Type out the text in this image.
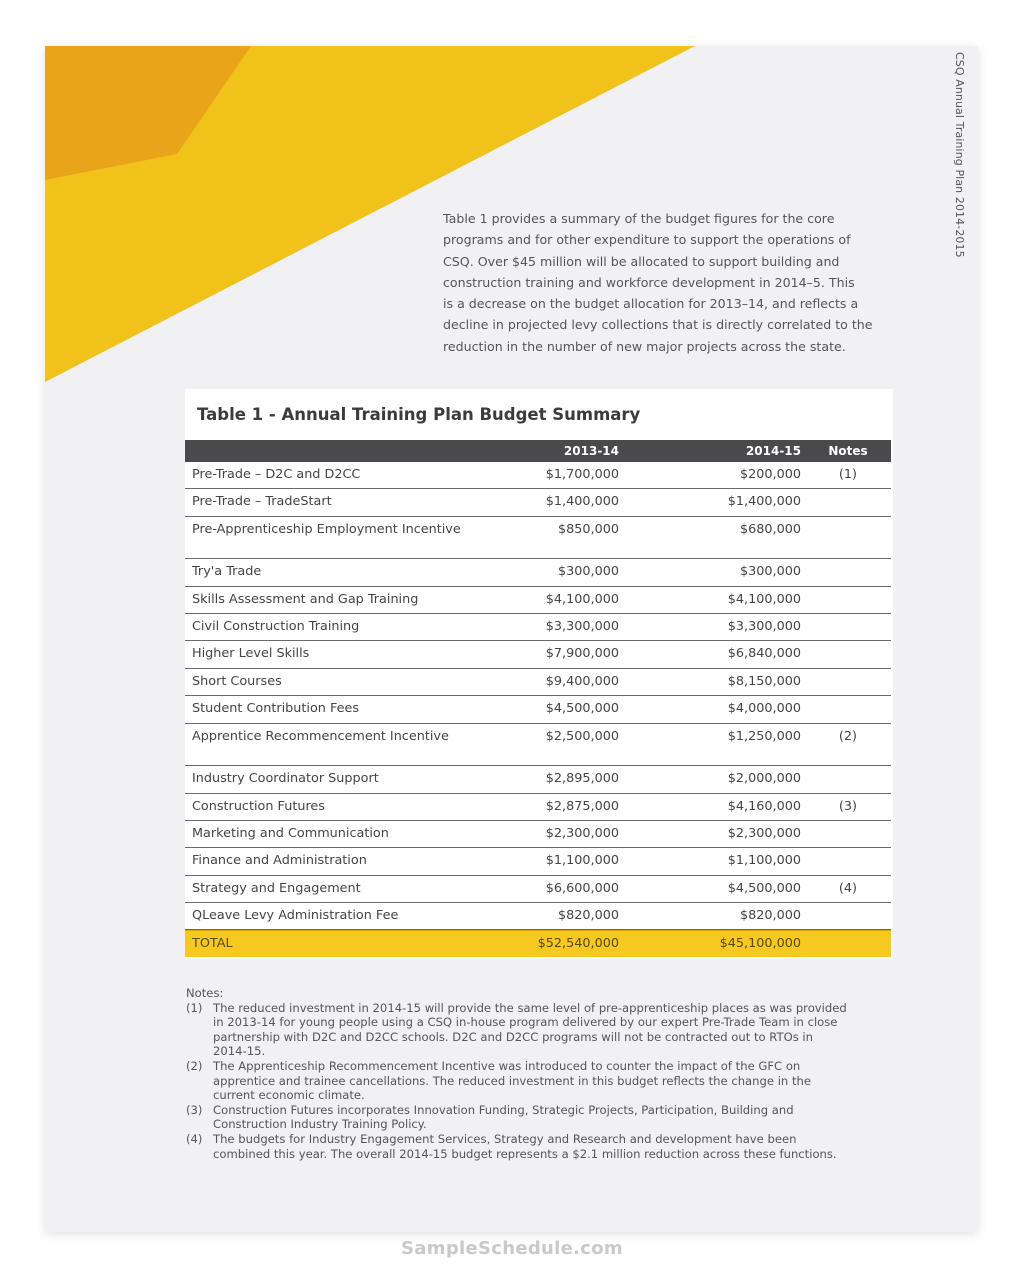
CSQ Annual Training Plan 2014-2015
Table 1 provides a summary of the budget figures for the core
programs and for other expenditure to support the operations of
CSQ. Over $45 million will be allocated to support building and
construction training and workforce development in 2014–5. This
is a decrease on the budget allocation for 2013–14, and reflects a
decline in projected levy collections that is directly correlated to the
reduction in the number of new major projects across the state.
Table 1 - Annual Training Plan Budget Summary
2013-14	2014-15	Notes
Pre-Trade – D2C and D2CC	$1,700,000	$200,000	(1)
Pre-Trade – TradeStart	$1,400,000	$1,400,000
Pre-Apprenticeship Employment Incentive	$850,000	$680,000
Try'a Trade	$300,000	$300,000
Skills Assessment and Gap Training	$4,100,000	$4,100,000
Civil Construction Training	$3,300,000	$3,300,000
Higher Level Skills	$7,900,000	$6,840,000
Short Courses	$9,400,000	$8,150,000
Student Contribution Fees	$4,500,000	$4,000,000
Apprentice Recommencement Incentive	$2,500,000	$1,250,000	(2)
Industry Coordinator Support	$2,895,000	$2,000,000
Construction Futures	$2,875,000	$4,160,000	(3)
Marketing and Communication	$2,300,000	$2,300,000
Finance and Administration	$1,100,000	$1,100,000
Strategy and Engagement	$6,600,000	$4,500,000	(4)
QLeave Levy Administration Fee	$820,000	$820,000
TOTAL	$52,540,000	$45,100,000
Notes:
(1) The reduced investment in 2014-15 will provide the same level of pre-apprenticeship places as was provided
in 2013-14 for young people using a CSQ in-house program delivered by our expert Pre-Trade Team in close
partnership with D2C and D2CC schools. D2C and D2CC programs will not be contracted out to RTOs in
2014-15.
(2) The Apprenticeship Recommencement Incentive was introduced to counter the impact of the GFC on
apprentice and trainee cancellations. The reduced investment in this budget reflects the change in the
current economic climate.
(3) Construction Futures incorporates Innovation Funding, Strategic Projects, Participation, Building and
Construction Industry Training Policy.
(4) The budgets for Industry Engagement Services, Strategy and Research and development have been
combined this year. The overall 2014-15 budget represents a $2.1 million reduction across these functions.
SampleSchedule.com
